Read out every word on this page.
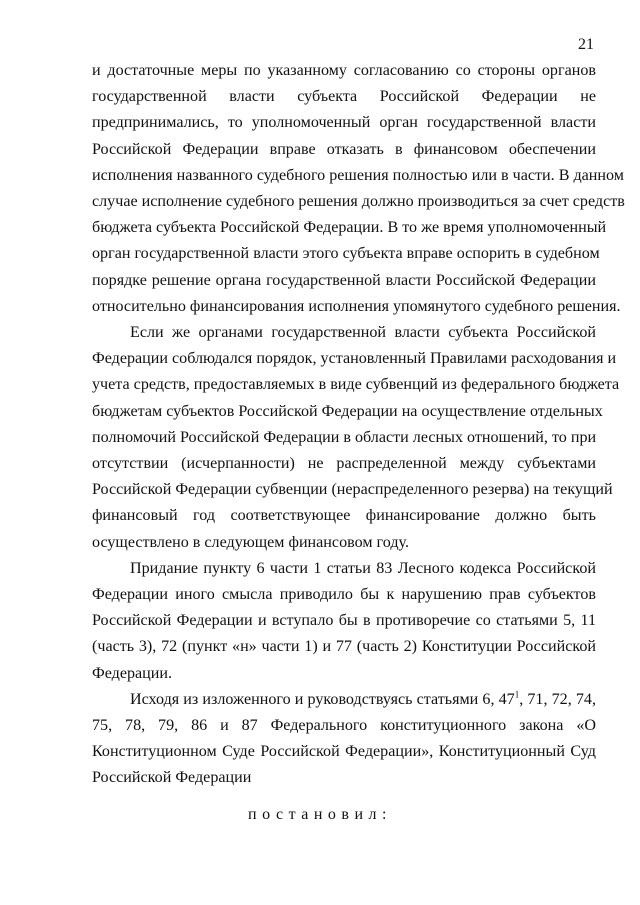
21
и достаточные меры по указанному согласованию со стороны органов
государственной власти субъекта Российской Федерации не
предпринимались, то уполномоченный орган государственной власти
Российской Федерации вправе отказать в финансовом обеспечении
исполнения названного судебного решения полностью или в части. В данном
случае исполнение судебного решения должно производиться за счет средств
бюджета субъекта Российской Федерации. В то же время уполномоченный
орган государственной власти этого субъекта вправе оспорить в судебном
порядке решение органа государственной власти Российской Федерации
относительно финансирования исполнения упомянутого судебного решения.
Если же органами государственной власти субъекта Российской
Федерации соблюдался порядок, установленный Правилами расходования и
учета средств, предоставляемых в виде субвенций из федерального бюджета
бюджетам субъектов Российской Федерации на осуществление отдельных
полномочий Российской Федерации в области лесных отношений, то при
отсутствии (исчерпанности) не распределенной между субъектами
Российской Федерации субвенции (нераспределенного резерва) на текущий
финансовый год соответствующее финансирование должно быть
осуществлено в следующем финансовом году.
Придание пункту 6 части 1 статьи 83 Лесного кодекса Российской
Федерации иного смысла приводило бы к нарушению прав субъектов
Российской Федерации и вступало бы в противоречие со статьями 5, 11
(часть 3), 72 (пункт «н» части 1) и 77 (часть 2) Конституции Российской
Федерации.
Исходя из изложенного и руководствуясь статьями 6, $47^1$, 71, 72, 74,
75, 78, 79, 86 и 87 Федерального конституционного закона «О
Конституционном Суде Российской Федерации», Конституционный Суд
Российской Федерации
постановил:
